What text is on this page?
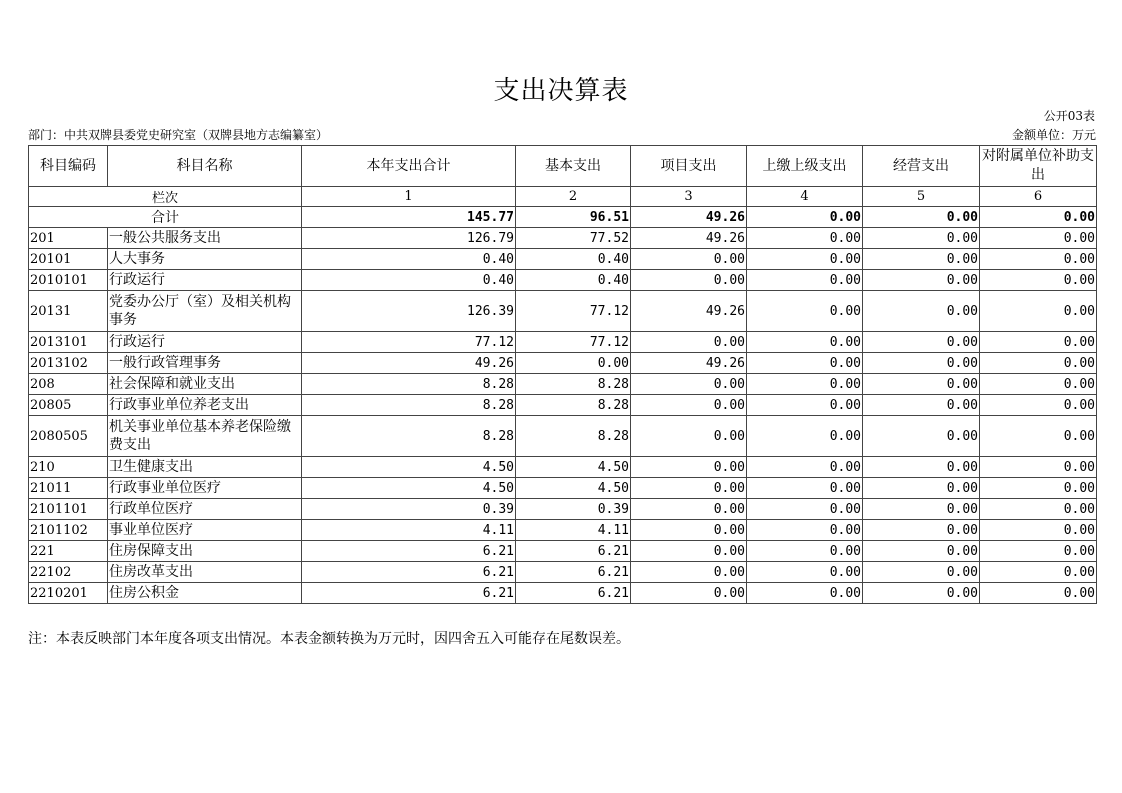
支出决算表
公开03表
部门：中共双牌县委党史研究室（双牌县地方志编纂室）	金额单位：万元
科目编码	科目名称	本年支出合计	基本支出	项目支出	上缴上级支出	经营支出	对附属单位补助支出
栏次		1	2	3	4	5	6
合计		145.77	96.51	49.26	0.00	0.00	0.00
201	一般公共服务支出	126.79	77.52	49.26	0.00	0.00	0.00
20101	人大事务	0.40	0.40	0.00	0.00	0.00	0.00
2010101	行政运行	0.40	0.40	0.00	0.00	0.00	0.00
20131	党委办公厅（室）及相关机构事务	126.39	77.12	49.26	0.00	0.00	0.00
2013101	行政运行	77.12	77.12	0.00	0.00	0.00	0.00
2013102	一般行政管理事务	49.26	0.00	49.26	0.00	0.00	0.00
208	社会保障和就业支出	8.28	8.28	0.00	0.00	0.00	0.00
20805	行政事业单位养老支出	8.28	8.28	0.00	0.00	0.00	0.00
2080505	机关事业单位基本养老保险缴费支出	8.28	8.28	0.00	0.00	0.00	0.00
210	卫生健康支出	4.50	4.50	0.00	0.00	0.00	0.00
21011	行政事业单位医疗	4.50	4.50	0.00	0.00	0.00	0.00
2101101	行政单位医疗	0.39	0.39	0.00	0.00	0.00	0.00
2101102	事业单位医疗	4.11	4.11	0.00	0.00	0.00	0.00
221	住房保障支出	6.21	6.21	0.00	0.00	0.00	0.00
22102	住房改革支出	6.21	6.21	0.00	0.00	0.00	0.00
2210201	住房公积金	6.21	6.21	0.00	0.00	0.00	0.00
注：本表反映部门本年度各项支出情况。本表金额转换为万元时，因四舍五入可能存在尾数误差。
